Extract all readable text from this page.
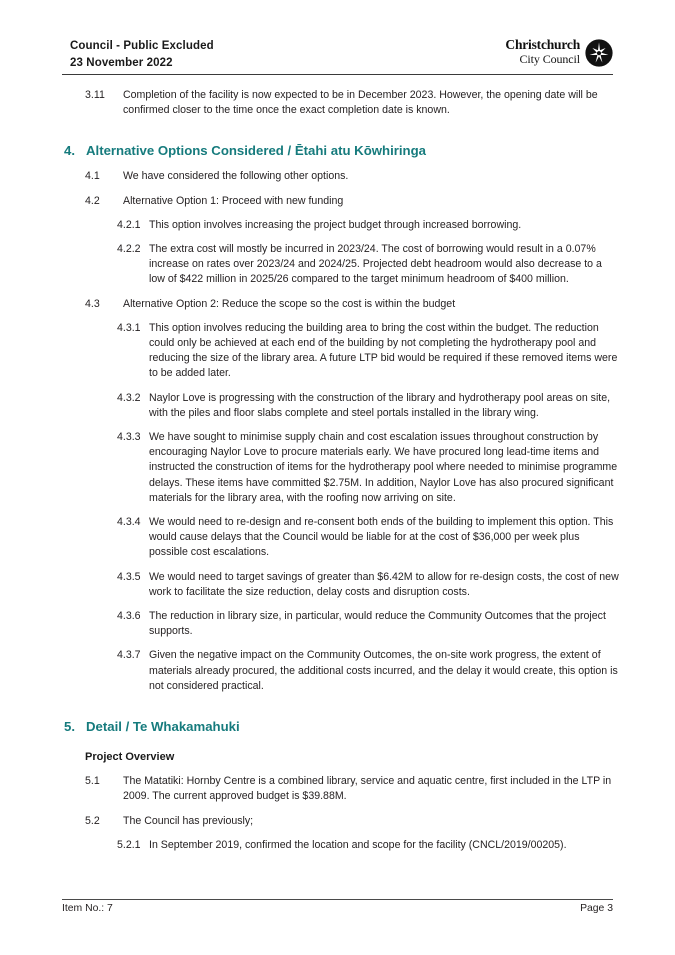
Council - Public Excluded
23 November 2022
Christchurch
City Council
3.11	Completion of the facility is now expected to be in December 2023. However, the opening date will be confirmed closer to the time once the exact completion date is known.
4. Alternative Options Considered / Ētahi atu Kōwhiringa
4.1	We have considered the following other options.
4.2	Alternative Option 1: Proceed with new funding
4.2.1 This option involves increasing the project budget through increased borrowing.
4.2.2 The extra cost will mostly be incurred in 2023/24. The cost of borrowing would result in a 0.07% increase on rates over 2023/24 and 2024/25. Projected debt headroom would also decrease to a low of $422 million in 2025/26 compared to the target minimum headroom of $400 million.
4.3	Alternative Option 2: Reduce the scope so the cost is within the budget
4.3.1 This option involves reducing the building area to bring the cost within the budget. The reduction could only be achieved at each end of the building by not completing the hydrotherapy pool and reducing the size of the library area. A future LTP bid would be required if these removed items were to be added later.
4.3.2 Naylor Love is progressing with the construction of the library and hydrotherapy pool areas on site, with the piles and floor slabs complete and steel portals installed in the library wing.
4.3.3 We have sought to minimise supply chain and cost escalation issues throughout construction by encouraging Naylor Love to procure materials early. We have procured long lead-time items and instructed the construction of items for the hydrotherapy pool where needed to minimise programme delays. These items have committed $2.75M. In addition, Naylor Love has also procured significant materials for the library area, with the roofing now arriving on site.
4.3.4 We would need to re-design and re-consent both ends of the building to implement this option. This would cause delays that the Council would be liable for at the cost of $36,000 per week plus possible cost escalations.
4.3.5 We would need to target savings of greater than $6.42M to allow for re-design costs, the cost of new work to facilitate the size reduction, delay costs and disruption costs.
4.3.6 The reduction in library size, in particular, would reduce the Community Outcomes that the project supports.
4.3.7 Given the negative impact on the Community Outcomes, the on-site work progress, the extent of materials already procured, the additional costs incurred, and the delay it would create, this option is not considered practical.
5. Detail / Te Whakamahuki
Project Overview
5.1	The Matatiki: Hornby Centre is a combined library, service and aquatic centre, first included in the LTP in 2009. The current approved budget is $39.88M.
5.2	The Council has previously;
5.2.1 In September 2019, confirmed the location and scope for the facility (CNCL/2019/00205).
Item No.: 7	Page 3
